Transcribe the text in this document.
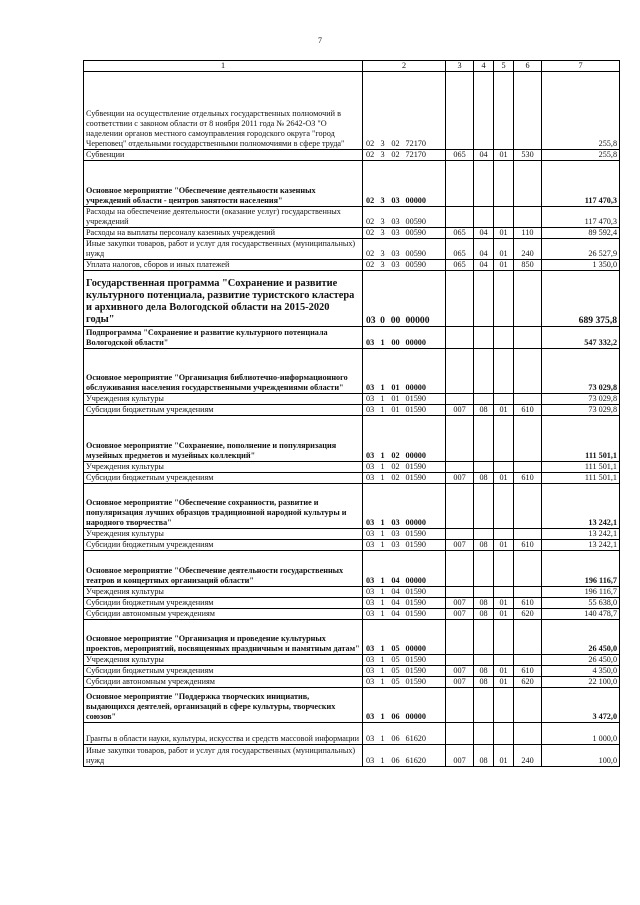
7
1	2				3	4	5	6	7
Субвенции на осуществление отдельных государственных полномочий в соответствии с законом области от 8 ноября 2011 года № 2642-ОЗ "О наделении органов местного самоуправления городского округа "город Череповец" отдельными государственными полномочиями в сфере труда"	02	3	02	72170					255,8
Субвенции	02	3	02	72170	065	04	01	530	255,8
Основное мероприятие "Обеспечение деятельности казенных учреждений области - центров занятости населения"	02	3	03	00000					117 470,3
Расходы на обеспечение деятельности (оказание услуг) государственных учреждений	02	3	03	00590					117 470,3
Расходы на выплаты персоналу казенных учреждений	02	3	03	00590	065	04	01	110	89 592,4
Иные закупки товаров, работ и услуг для государственных (муниципальных) нужд	02	3	03	00590	065	04	01	240	26 527,9
Уплата налогов, сборов и иных платежей	02	3	03	00590	065	04	01	850	1 350,0
Государственная программа "Сохранение и развитие культурного потенциала, развитие туристского кластера и архивного дела Вологодской области на 2015-2020 годы"	03	0	00	00000					689 375,8
Подпрограмма "Сохранение и развитие культурного потенциала Вологодской области"	03	1	00	00000					547 332,2
Основное мероприятие "Организация библиотечно-информационного обслуживания населения государственными учреждениями области"	03	1	01	00000					73 029,8
Учреждения культуры	03	1	01	01590					73 029,8
Субсидии бюджетным учреждениям	03	1	01	01590	007	08	01	610	73 029,8
Основное мероприятие "Сохранение, пополнение и популяризация музейных предметов и музейных коллекций"	03	1	02	00000					111 501,1
Учреждения культуры	03	1	02	01590					111 501,1
Субсидии бюджетным учреждениям	03	1	02	01590	007	08	01	610	111 501,1
Основное мероприятие "Обеспечение сохранности, развитие и популяризация лучших образцов традиционной народной культуры и народного творчества"	03	1	03	00000					13 242,1
Учреждения культуры	03	1	03	01590					13 242,1
Субсидии бюджетным учреждениям	03	1	03	01590	007	08	01	610	13 242,1
Основное мероприятие "Обеспечение деятельности государственных театров и концертных организаций области"	03	1	04	00000					196 116,7
Учреждения культуры	03	1	04	01590					196 116,7
Субсидии бюджетным учреждениям	03	1	04	01590	007	08	01	610	55 638,0
Субсидии автономным учреждениям	03	1	04	01590	007	08	01	620	140 478,7
Основное мероприятие "Организация и проведение культурных проектов, мероприятий, посвященных праздничным и памятным датам"	03	1	05	00000					26 450,0
Учреждения культуры	03	1	05	01590					26 450,0
Субсидии бюджетным учреждениям	03	1	05	01590	007	08	01	610	4 350,0
Субсидии автономным учреждениям	03	1	05	01590	007	08	01	620	22 100,0
Основное мероприятие "Поддержка творческих инициатив, выдающихся деятелей, организаций в сфере культуры, творческих союзов"	03	1	06	00000					3 472,0
Гранты в области науки, культуры, искусства и средств массовой информации	03	1	06	61620					1 000,0
Иные закупки товаров, работ и услуг для государственных (муниципальных) нужд	03	1	06	61620	007	08	01	240	100,0
